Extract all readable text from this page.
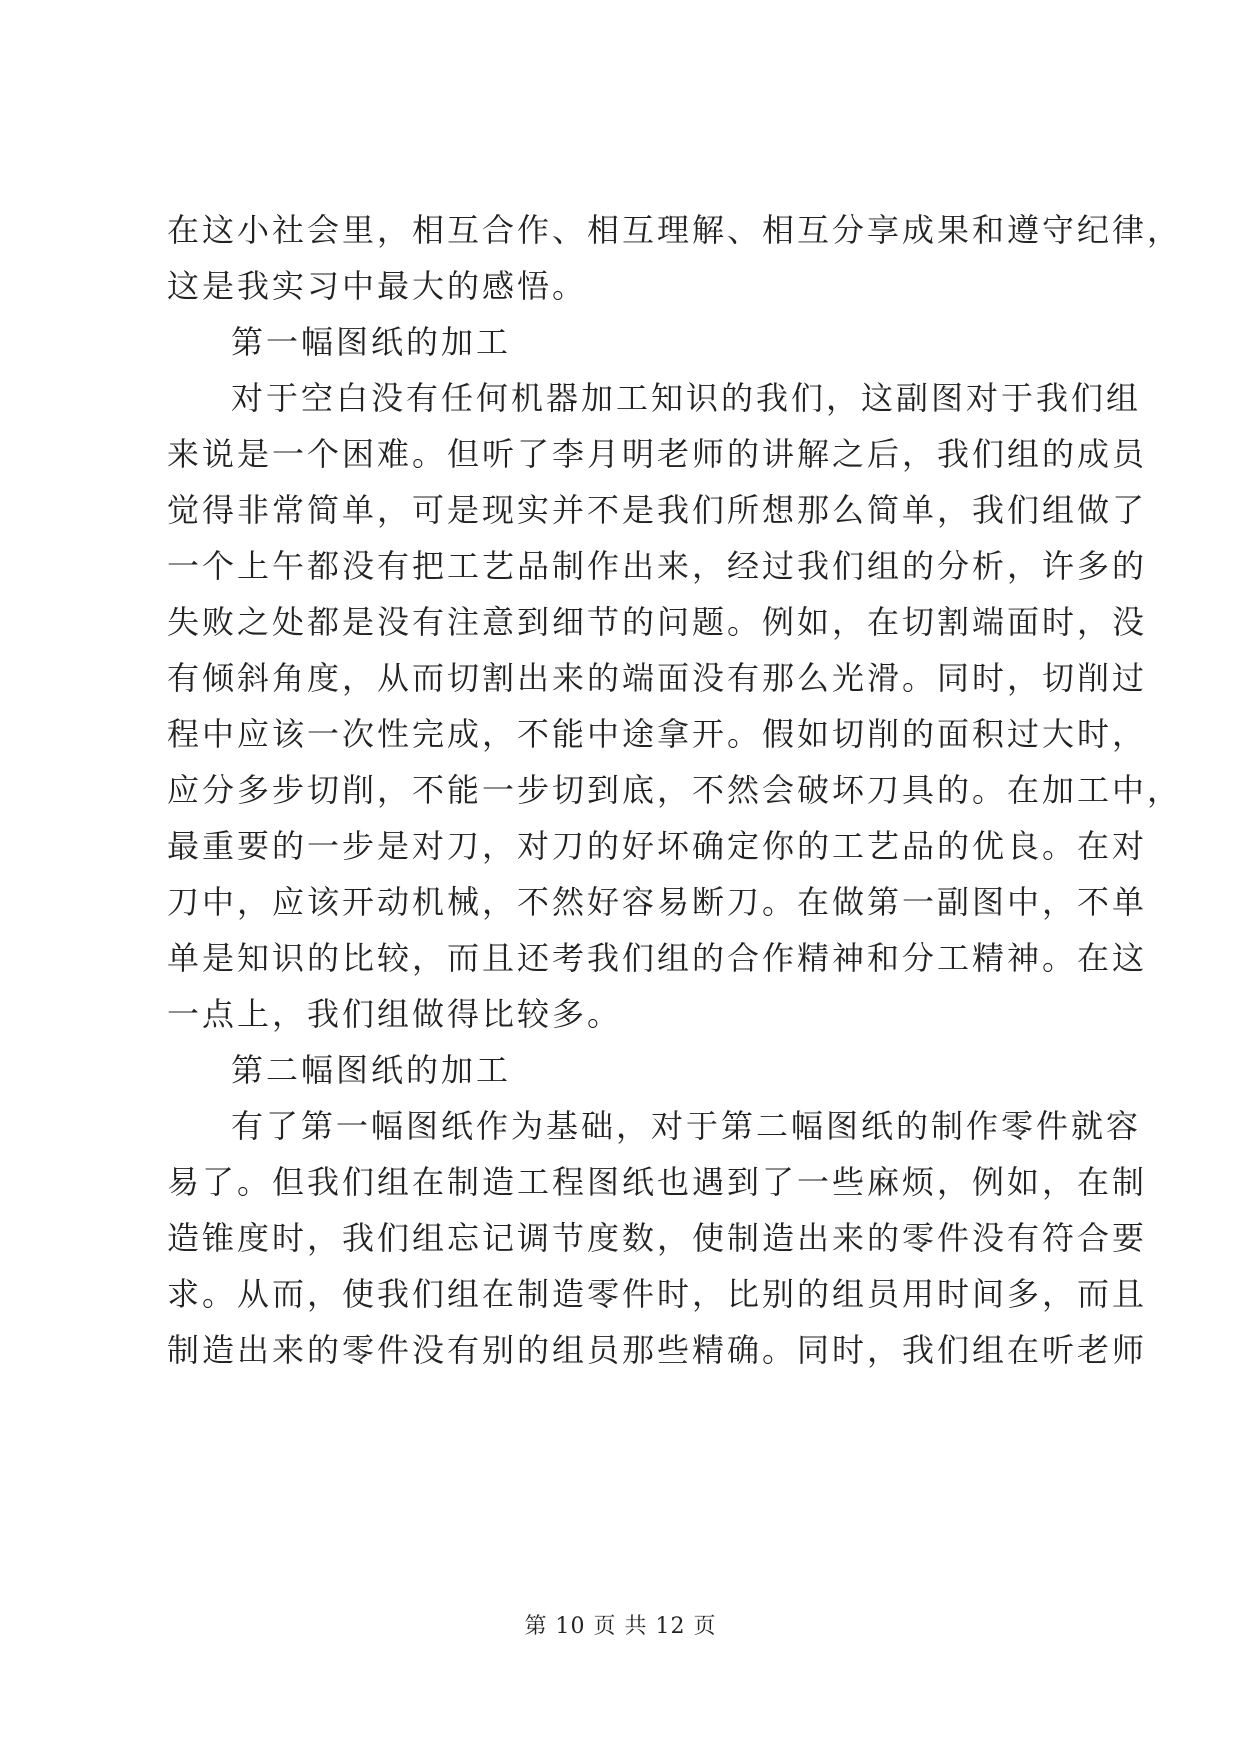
在这小社会里，相互合作、相互理解、相互分享成果和遵守纪律，
这是我实习中最大的感悟。
第一幅图纸的加工
对于空白没有任何机器加工知识的我们，这副图对于我们组
来说是一个困难。但听了李月明老师的讲解之后，我们组的成员
觉得非常简单，可是现实并不是我们所想那么简单，我们组做了
一个上午都没有把工艺品制作出来，经过我们组的分析，许多的
失败之处都是没有注意到细节的问题。例如，在切割端面时，没
有倾斜角度，从而切割出来的端面没有那么光滑。同时，切削过
程中应该一次性完成，不能中途拿开。假如切削的面积过大时，
应分多步切削，不能一步切到底，不然会破坏刀具的。在加工中，
最重要的一步是对刀，对刀的好坏确定你的工艺品的优良。在对
刀中，应该开动机械，不然好容易断刀。在做第一副图中，不单
单是知识的比较，而且还考我们组的合作精神和分工精神。在这
一点上，我们组做得比较多。
第二幅图纸的加工
有了第一幅图纸作为基础，对于第二幅图纸的制作零件就容
易了。但我们组在制造工程图纸也遇到了一些麻烦，例如，在制
造锥度时，我们组忘记调节度数，使制造出来的零件没有符合要
求。从而，使我们组在制造零件时，比别的组员用时间多，而且
制造出来的零件没有别的组员那些精确。同时，我们组在听老师
第 10 页 共 12 页
